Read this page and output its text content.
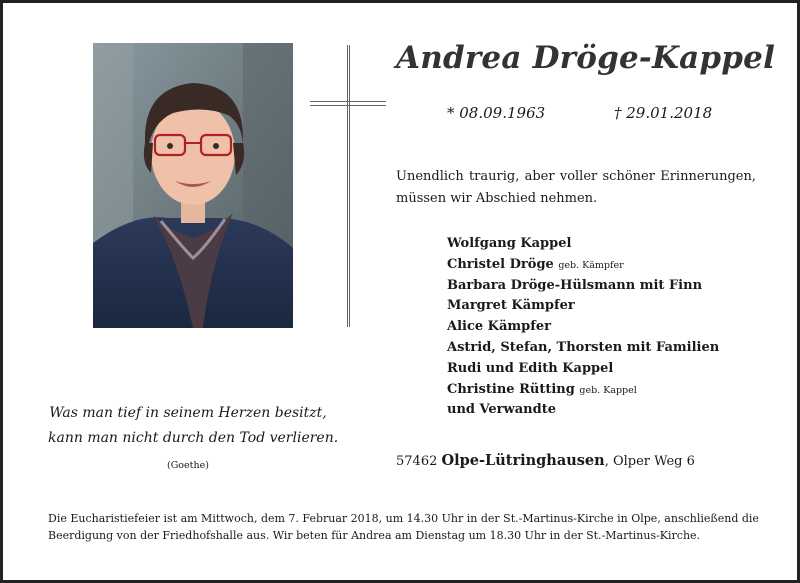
Andrea Dröge-Kappel
* 08.09.1963	† 29.01.2018
Unendlich traurig, aber voller schöner Erinnerungen,
müssen wir Abschied nehmen.
Wolfgang Kappel
Christel Dröge geb. Kämpfer
Barbara Dröge-Hülsmann mit Finn
Margret Kämpfer
Alice Kämpfer
Astrid, Stefan, Thorsten mit Familien
Rudi und Edith Kappel
Christine Rütting geb. Kappel
und Verwandte
Was man tief in seinem Herzen besitzt,
kann man nicht durch den Tod verlieren.
(Goethe)	57462 Olpe-Lütringhausen, Olper Weg 6
Die Eucharistiefeier ist am Mittwoch, dem 7. Februar 2018, um 14.30 Uhr in der St.-Martinus-Kirche in Olpe, anschließend die
Beerdigung von der Friedhofshalle aus. Wir beten für Andrea am Dienstag um 18.30 Uhr in der St.-Martinus-Kirche.
